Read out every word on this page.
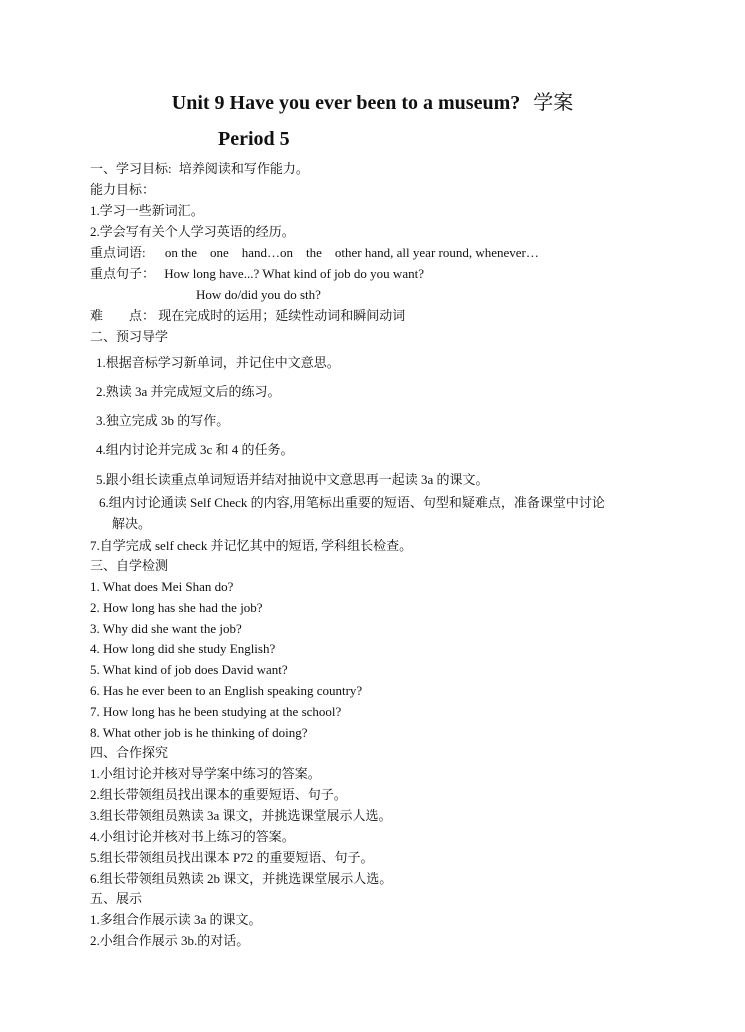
Unit 9 Have you ever been to a museum? 学案
Period 5
一、学习目标: 培养阅读和写作能力。
能力目标：
1.学习一些新词汇。
2.学会写有关个人学习英语的经历。
重点词语: on the    one    hand…on    the    other hand, all year round, whenever…
重点句子： How long have...? What kind of job do you want?
How do/did you do sth?
难        点： 现在完成时的运用；延续性动词和瞬间动词
二、预习导学
1.根据音标学习新单词，并记住中文意思。
2.熟读 3a 并完成短文后的练习。
3.独立完成 3b 的写作。
4.组内讨论并完成 3c 和 4 的任务。
5.跟小组长读重点单词短语并结对抽说中文意思再一起读 3a 的课文。
6.组内讨论通读 Self Check 的内容,用笔标出重要的短语、句型和疑难点，准备课堂中讨论
解决。
7.自学完成 self check 并记忆其中的短语, 学科组长检查。
三、自学检测
1. What does Mei Shan do?
2. How long has she had the job?
3. Why did she want the job?
4. How long did she study English?
5. What kind of job does David want?
6. Has he ever been to an English speaking country?
7. How long has he been studying at the school?
8. What other job is he thinking of doing?
四、合作探究
1.小组讨论并核对导学案中练习的答案。
2.组长带领组员找出课本的重要短语、句子。
3.组长带领组员熟读 3a 课文，并挑选课堂展示人选。
4.小组讨论并核对书上练习的答案。
5.组长带领组员找出课本 P72 的重要短语、句子。
6.组长带领组员熟读 2b 课文，并挑选课堂展示人选。
五、展示
1.多组合作展示读 3a 的课文。
2.小组合作展示 3b.的对话。
